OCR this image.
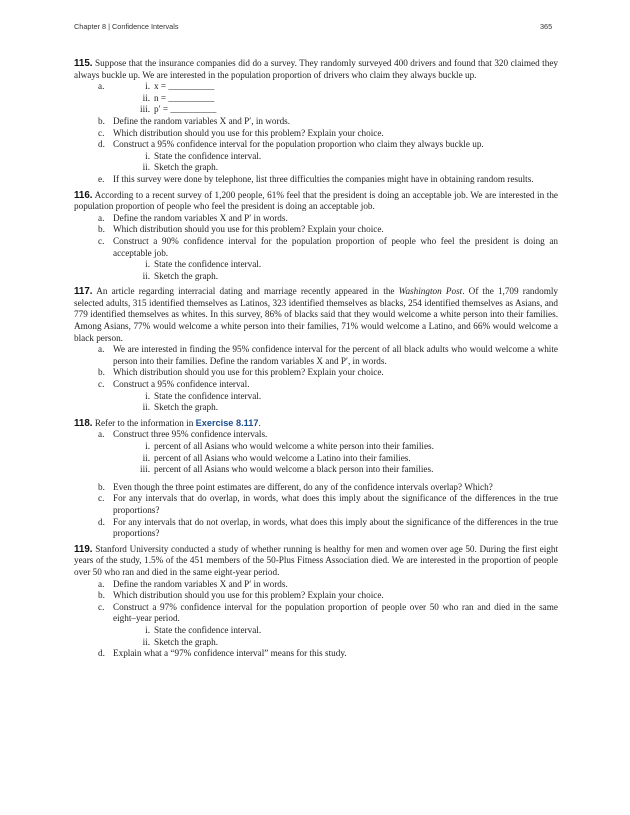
Chapter 8 | Confidence Intervals	365

115. Suppose that the insurance companies did do a survey. They randomly surveyed 400 drivers and found that 320 claimed they always buckle up. We are interested in the population proportion of drivers who claim they always buckle up.

a.	i. x = __________
ii. n = __________
iii. p′ = __________
b. Define the random variables X and P′, in words.
c. Which distribution should you use for this problem? Explain your choice.
d. Construct a 95% confidence interval for the population proportion who claim they always buckle up.
i. State the confidence interval.
ii. Sketch the graph.
e. If this survey were done by telephone, list three difficulties the companies might have in obtaining random results.

116. According to a recent survey of 1,200 people, 61% feel that the president is doing an acceptable job. We are interested in the population proportion of people who feel the president is doing an acceptable job.

a. Define the random variables X and P′ in words.
b. Which distribution should you use for this problem? Explain your choice.
c. Construct a 90% confidence interval for the population proportion of people who feel the president is doing an acceptable job.
i. State the confidence interval.
ii. Sketch the graph.

117. An article regarding interracial dating and marriage recently appeared in the Washington Post. Of the 1,709 randomly selected adults, 315 identified themselves as Latinos, 323 identified themselves as blacks, 254 identified themselves as Asians, and 779 identified themselves as whites. In this survey, 86% of blacks said that they would welcome a white person into their families. Among Asians, 77% would welcome a white person into their families, 71% would welcome a Latino, and 66% would welcome a black person.

a. We are interested in finding the 95% confidence interval for the percent of all black adults who would welcome a white person into their families. Define the random variables X and P′, in words.
b. Which distribution should you use for this problem? Explain your choice.
c. Construct a 95% confidence interval.
i. State the confidence interval.
ii. Sketch the graph.

118. Refer to the information in Exercise 8.117.

a. Construct three 95% confidence intervals.
i. percent of all Asians who would welcome a white person into their families.
ii. percent of all Asians who would welcome a Latino into their families.
iii. percent of all Asians who would welcome a black person into their families.
b. Even though the three point estimates are different, do any of the confidence intervals overlap? Which?
c. For any intervals that do overlap, in words, what does this imply about the significance of the differences in the true proportions?
d. For any intervals that do not overlap, in words, what does this imply about the significance of the differences in the true proportions?

119. Stanford University conducted a study of whether running is healthy for men and women over age 50. During the first eight years of the study, 1.5% of the 451 members of the 50-Plus Fitness Association died. We are interested in the proportion of people over 50 who ran and died in the same eight-year period.

a. Define the random variables X and P′ in words.
b. Which distribution should you use for this problem? Explain your choice.
c. Construct a 97% confidence interval for the population proportion of people over 50 who ran and died in the same eight–year period.
i. State the confidence interval.
ii. Sketch the graph.
d. Explain what a “97% confidence interval” means for this study.
